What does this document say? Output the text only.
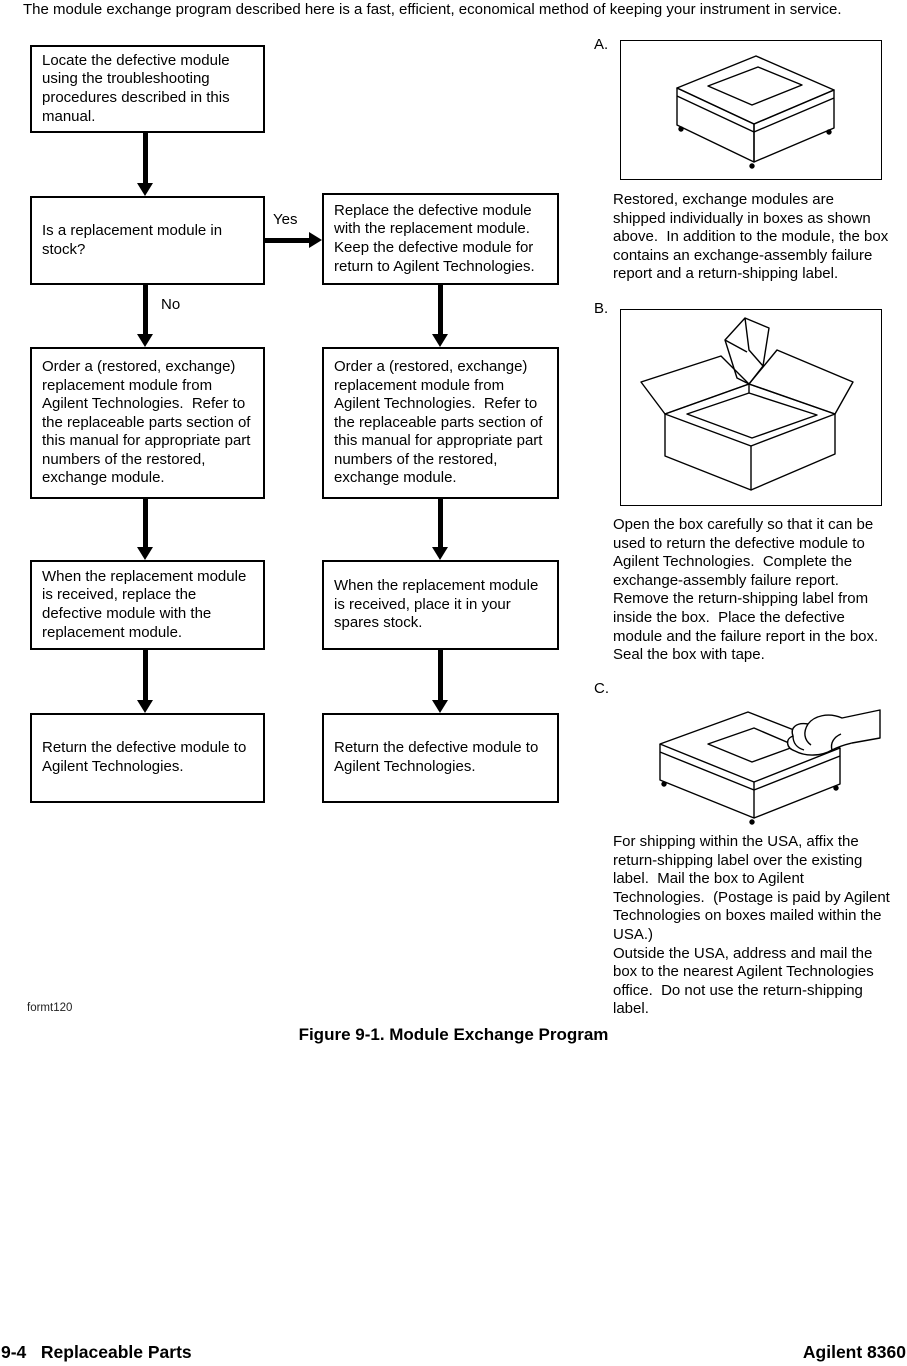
The module exchange program described here is a fast, efficient, economical method of keeping your instrument in service.
Locate the defective module using the troubleshooting procedures described in this manual.
Is a replacement module in stock?
Yes
No
Order a (restored, exchange) replacement module from Agilent Technologies.  Refer to the replaceable parts section of this manual for appropriate part numbers of the restored, exchange module.
When the replacement module is received, replace the defective module with the replacement module.
Return the defective module to Agilent Technologies.
Replace the defective module with the replacement module.  Keep the defective module for return to Agilent Technologies.
Order a (restored, exchange) replacement module from Agilent Technologies.  Refer to the replaceable parts section of this manual for appropriate part numbers of the restored, exchange module.
When the replacement module is received, place it in your spares stock.
Return the defective module to Agilent Technologies.
A.
Restored, exchange modules are shipped individually in boxes as shown above.  In addition to the module, the box contains an exchange-assembly failure report and a return-shipping label.
B.
Open the box carefully so that it can be used to return the defective module to Agilent Technologies.  Complete the exchange-assembly failure report.  Remove the return-shipping label from inside the box.  Place the defective module and the failure report in the box.  Seal the box with tape.
C.
For shipping within the USA, affix the return-shipping label over the existing label.  Mail the box to Agilent Technologies.  (Postage is paid by Agilent Technologies on boxes mailed within the USA.)
Outside the USA, address and mail the box to the nearest Agilent Technologies office.  Do not use the return-shipping label.
formt120
Figure 9-1. Module Exchange Program
9-4   Replaceable Parts	Agilent 8360
